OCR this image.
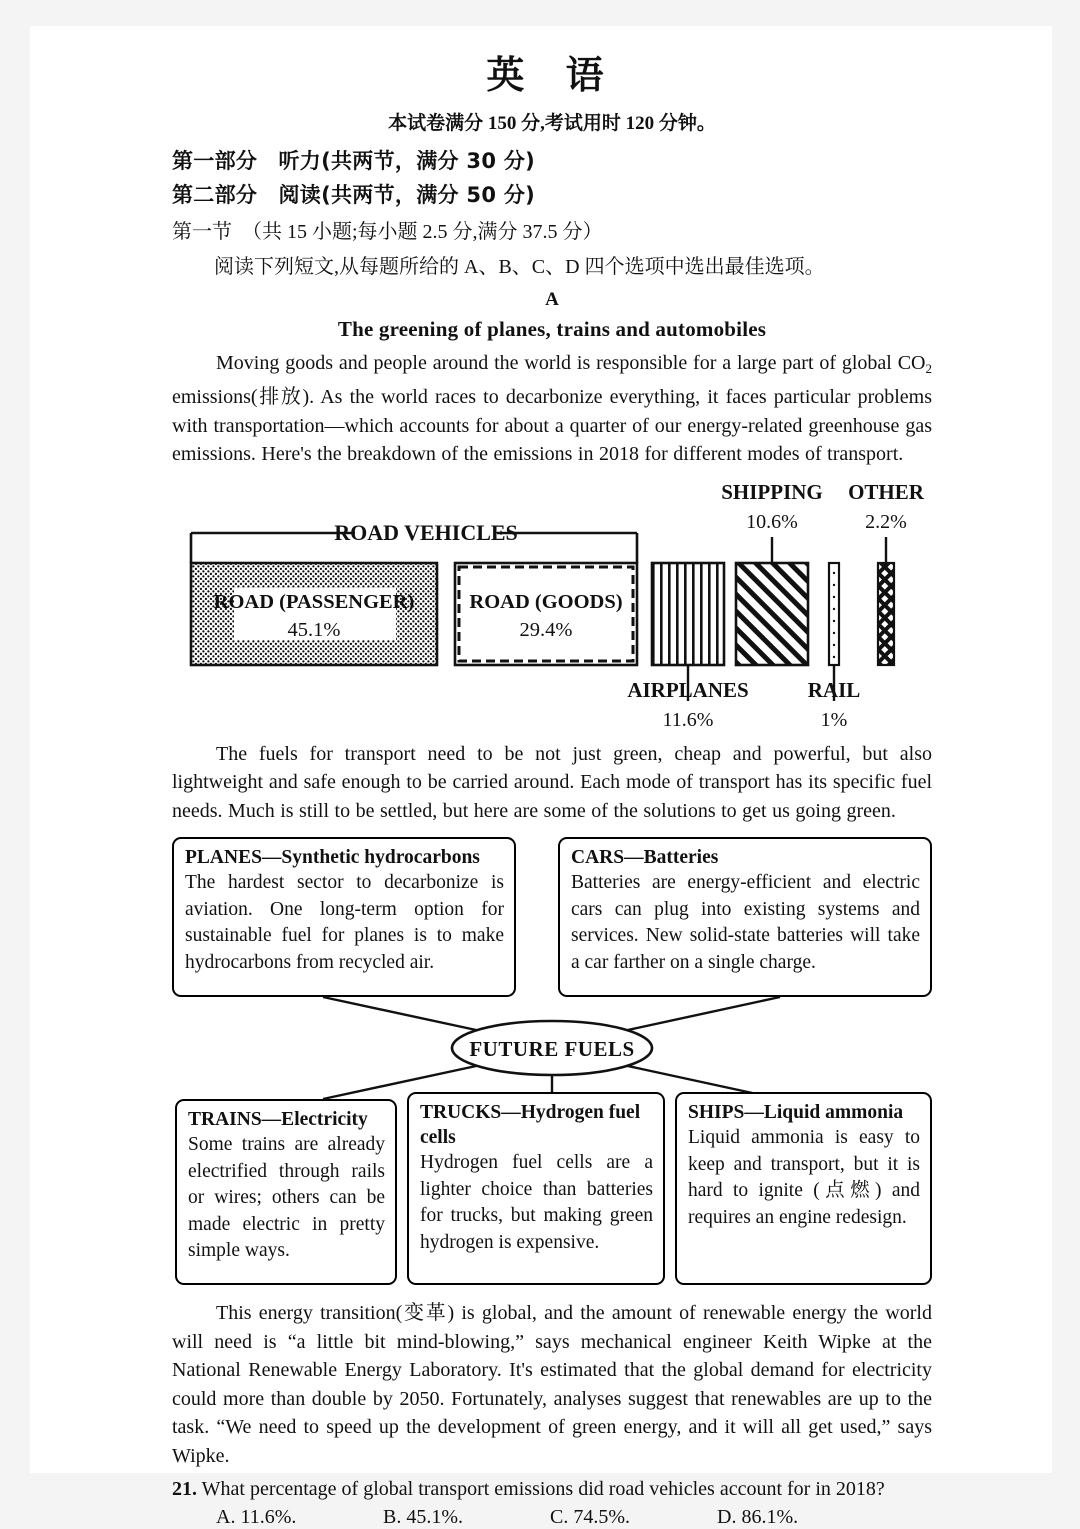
英 语
本试卷满分 150 分,考试用时 120 分钟。
第一部分　听力(共两节，满分 30 分)
第二部分　阅读(共两节，满分 50 分)
第一节　（共 15 小题;每小题 2.5 分,满分 37.5 分）
阅读下列短文,从每题所给的 A、B、C、D 四个选项中选出最佳选项。
A
The greening of planes, trains and automobiles

Moving goods and people around the world is responsible for a large part of global $CO_2$ emissions(排放). As the world races to decarbonize everything, it faces particular problems with transportation—which accounts for about a quarter of our energy-related greenhouse gas emissions. Here's the breakdown of the emissions in 2018 for different modes of transport.

SHIPPING OTHER
10.6%	2.2%
ROAD VEHICLES
ROAD (PASSENGER)
45.1%
ROAD (GOODS)
29.4%
AIRPLANES	RAIL
11.6%	1%

The fuels for transport need to be not just green, cheap and powerful, but also lightweight and safe enough to be carried around. Each mode of transport has its specific fuel needs. Much is still to be settled, but here are some of the solutions to get us going green.

FUTURE FUELS
PLANES—Synthetic hydrocarbons
The hardest sector to decarbonize is aviation. One long-term option for sustainable fuel for planes is to make hydrocarbons from recycled air.
CARS—Batteries
Batteries are energy-efficient and electric cars can plug into existing systems and services. New solid-state batteries will take a car farther on a single charge.
TRAINS—Electricity
Some trains are already electrified through rails or wires; others can be made electric in pretty simple ways.
TRUCKS—Hydrogen fuel cells
Hydrogen fuel cells are a lighter choice than batteries for trucks, but making green hydrogen is expensive.
SHIPS—Liquid ammonia
Liquid ammonia is easy to keep and transport, but it is hard to ignite (点燃) and requires an engine redesign.

This energy transition(变革) is global, and the amount of renewable energy the world will need is “a little bit mind-blowing,” says mechanical engineer Keith Wipke at the National Renewable Energy Laboratory. It's estimated that the global demand for electricity could more than double by 2050. Fortunately, analyses suggest that renewables are up to the task. “We need to speed up the development of green energy, and it will all get used,” says Wipke.

21. What percentage of global transport emissions did road vehicles account for in 2018?
A. 11.6%.	B. 45.1%.	C. 74.5%.	D. 86.1%.
